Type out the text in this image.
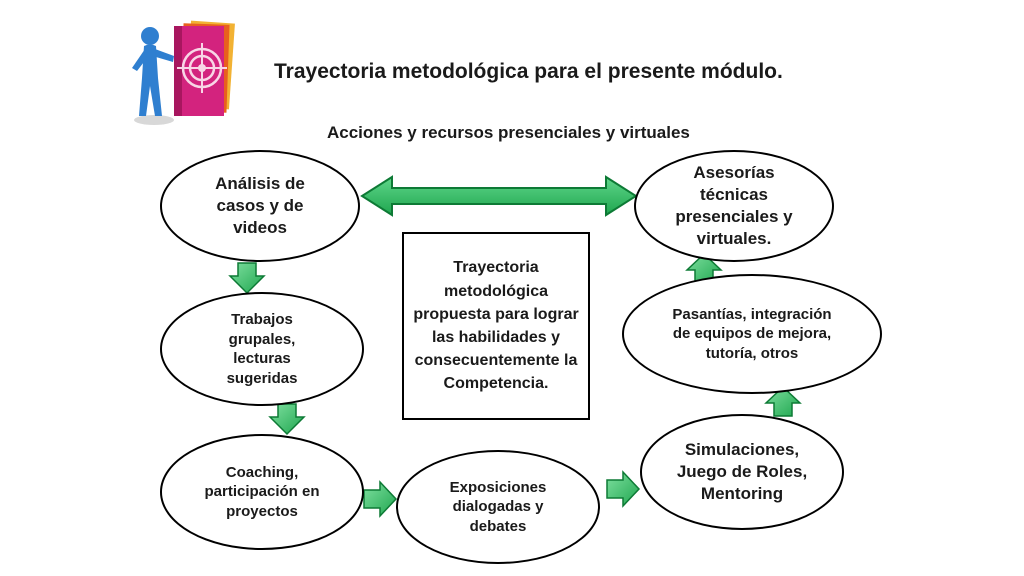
Trayectoria metodológica para el presente módulo.
Acciones y recursos presenciales y virtuales
Análisis de casos y de videos
Trabajos grupales, lecturas sugeridas
Coaching, participación en proyectos
Exposiciones dialogadas y debates
Simulaciones, Juego de Roles, Mentoring
Pasantías, integración de equipos de mejora, tutoría, otros
Asesorías técnicas presenciales y virtuales.
Trayectoria metodológica propuesta para lograr las habilidades y consecuentemente la Competencia.
